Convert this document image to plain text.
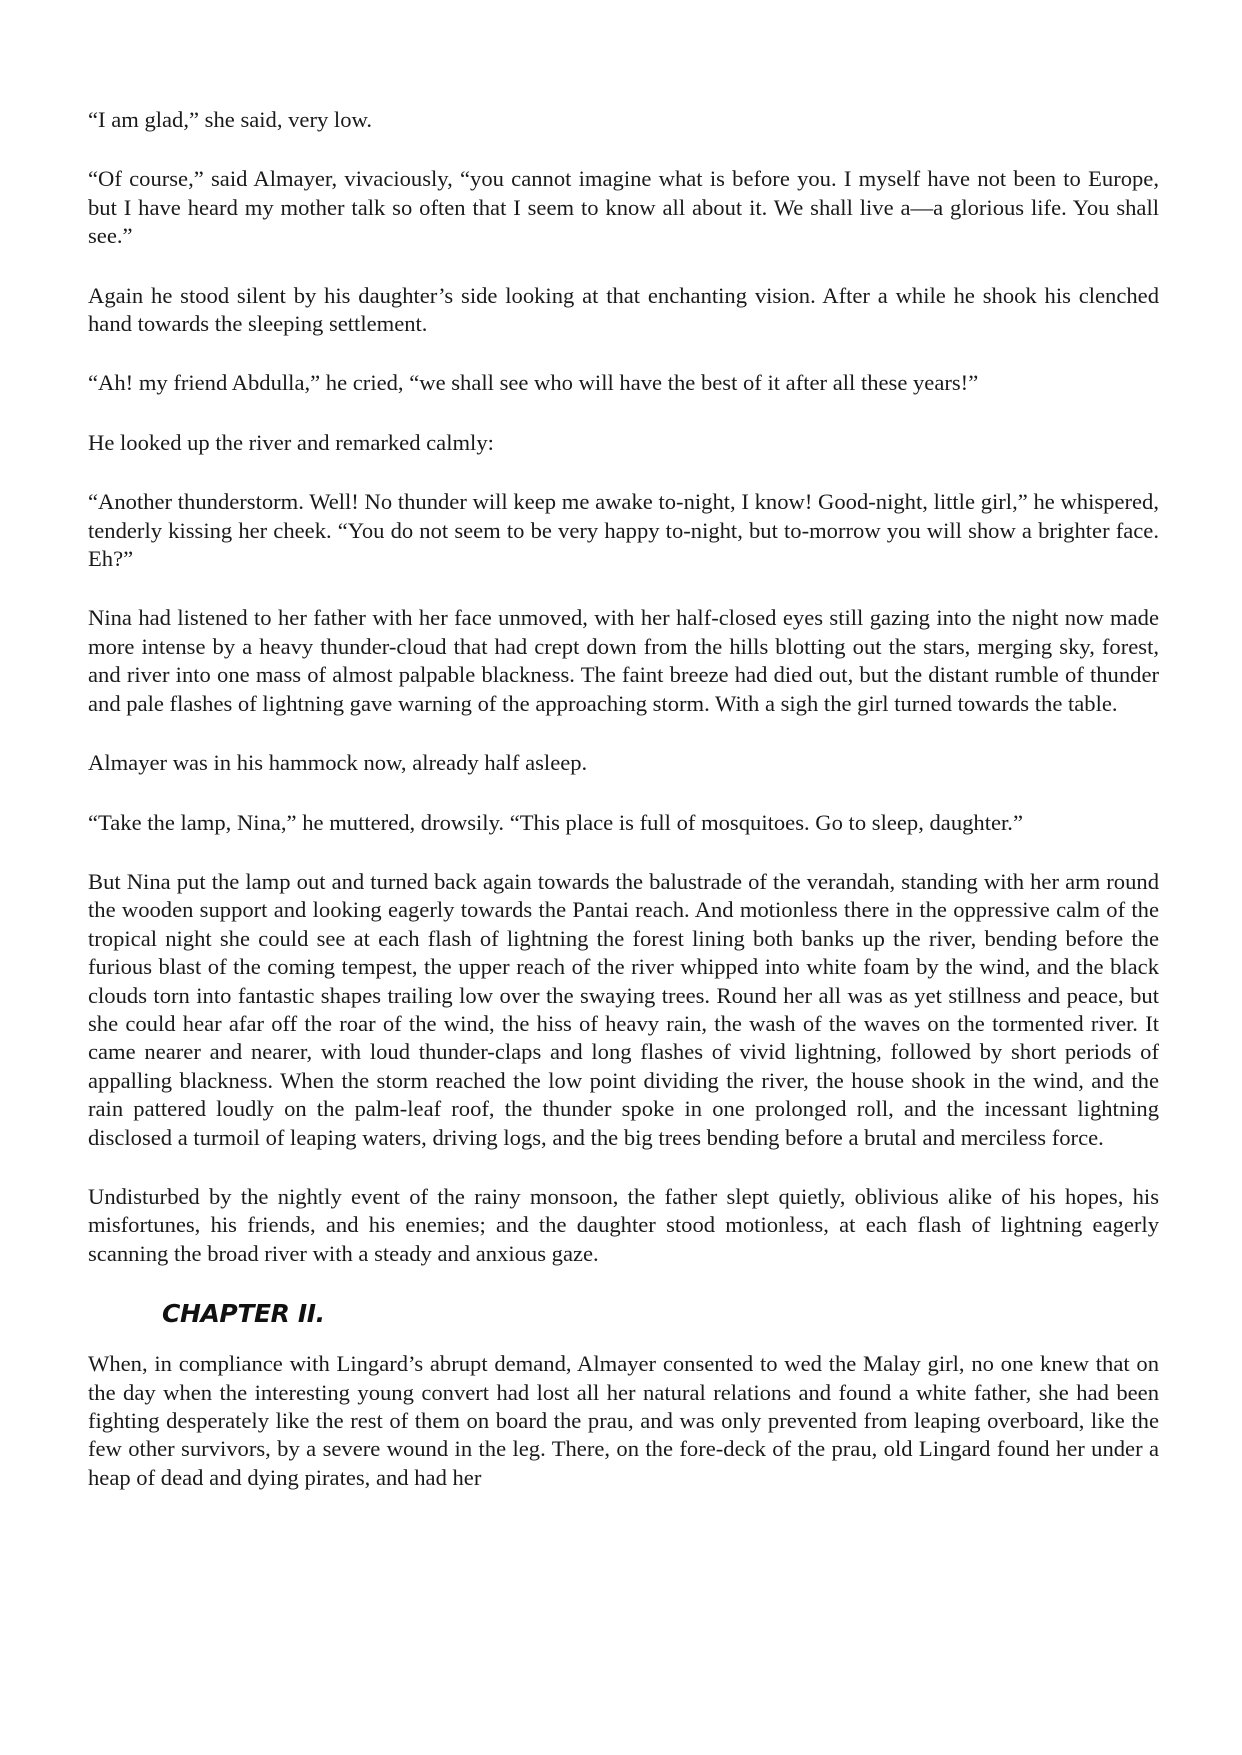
“I am glad,” she said, very low.

“Of course,” said Almayer, vivaciously, “you cannot imagine what is before you. I myself have not been to Europe, but I have heard my mother talk so often that I seem to know all about it. We shall live a—a glorious life. You shall see.”

Again he stood silent by his daughter’s side looking at that enchanting vision. After a while he shook his clenched hand towards the sleeping settlement.

“Ah! my friend Abdulla,” he cried, “we shall see who will have the best of it after all these years!”

He looked up the river and remarked calmly:

“Another thunderstorm. Well! No thunder will keep me awake to-night, I know! Good-night, little girl,” he whispered, tenderly kissing her cheek. “You do not seem to be very happy to-night, but to-morrow you will show a brighter face. Eh?”

Nina had listened to her father with her face unmoved, with her half-closed eyes still gazing into the night now made more intense by a heavy thunder-cloud that had crept down from the hills blotting out the stars, merging sky, forest, and river into one mass of almost palpable blackness. The faint breeze had died out, but the distant rumble of thunder and pale flashes of lightning gave warning of the approaching storm. With a sigh the girl turned towards the table.

Almayer was in his hammock now, already half asleep.

“Take the lamp, Nina,” he muttered, drowsily. “This place is full of mosquitoes. Go to sleep, daughter.”

But Nina put the lamp out and turned back again towards the balustrade of the verandah, standing with her arm round the wooden support and looking eagerly towards the Pantai reach. And motionless there in the oppressive calm of the tropical night she could see at each flash of lightning the forest lining both banks up the river, bending before the furious blast of the coming tempest, the upper reach of the river whipped into white foam by the wind, and the black clouds torn into fantastic shapes trailing low over the swaying trees. Round her all was as yet stillness and peace, but she could hear afar off the roar of the wind, the hiss of heavy rain, the wash of the waves on the tormented river. It came nearer and nearer, with loud thunder-claps and long flashes of vivid lightning, followed by short periods of appalling blackness. When the storm reached the low point dividing the river, the house shook in the wind, and the rain pattered loudly on the palm-leaf roof, the thunder spoke in one prolonged roll, and the incessant lightning disclosed a turmoil of leaping waters, driving logs, and the big trees bending before a brutal and merciless force.

Undisturbed by the nightly event of the rainy monsoon, the father slept quietly, oblivious alike of his hopes, his misfortunes, his friends, and his enemies; and the daughter stood motionless, at each flash of lightning eagerly scanning the broad river with a steady and anxious gaze.

CHAPTER II.

When, in compliance with Lingard’s abrupt demand, Almayer consented to wed the Malay girl, no one knew that on the day when the interesting young convert had lost all her natural relations and found a white father, she had been fighting desperately like the rest of them on board the prau, and was only prevented from leaping overboard, like the few other survivors, by a severe wound in the leg. There, on the fore-deck of the prau, old Lingard found her under a heap of dead and dying pirates, and had her
